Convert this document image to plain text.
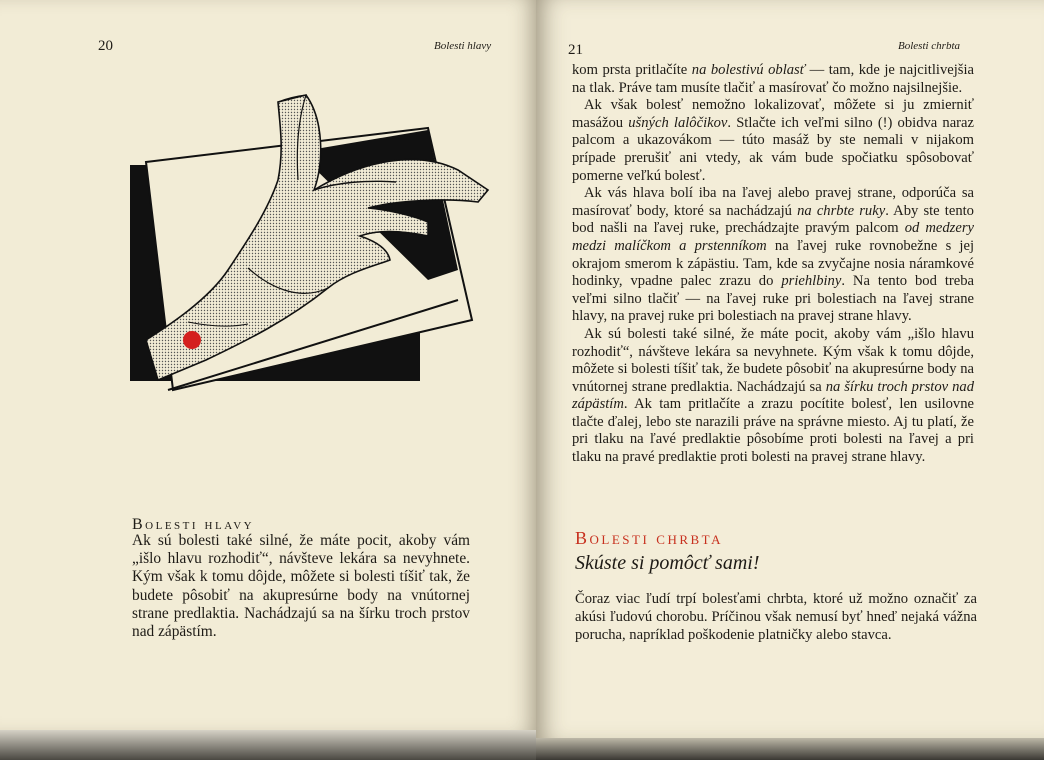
20	Bolesti hlavy
Bolesti hlavy
Ak sú bolesti také silné, že máte pocit, akoby vám „išlo hlavu rozhodiť“, návšteve lekára sa nevyhnete. Kým však k tomu dôjde, môžete si bolesti tíšiť tak, že budete pôsobiť na akupresúrne body na vnútornej strane predlaktia. Nachádzajú sa na šírku troch prstov nad zápästím.
21	Bolesti chrbta

kom prsta pritlačíte na bolestivú oblasť — tam, kde je najcitlivejšia na tlak. Práve tam musíte tlačiť a masírovať čo možno najsilnejšie.

Ak však bolesť nemožno lokalizovať, môžete si ju zmierniť masážou ušných lalôčikov. Stlačte ich veľmi silno (!) obidva naraz palcom a ukazovákom — túto masáž by ste nemali v nijakom prípade prerušiť ani vtedy, ak vám bude spočiatku spôsobovať pomerne veľkú bolesť.

Ak vás hlava bolí iba na ľavej alebo pravej strane, odporúča sa masírovať body, ktoré sa nachádzajú na chrbte ruky. Aby ste tento bod našli na ľavej ruke, prechádzajte pravým palcom od medzery medzi malíčkom a prstenníkom na ľavej ruke rovnobežne s jej okrajom smerom k zápästiu. Tam, kde sa zvyčajne nosia náramkové hodinky, vpadne palec zrazu do priehlbiny. Na tento bod treba veľmi silno tlačiť — na ľavej ruke pri bolestiach na ľavej strane hlavy, na pravej ruke pri bolestiach na pravej strane hlavy.

Ak sú bolesti také silné, že máte pocit, akoby vám „išlo hlavu rozhodiť“, návšteve lekára sa nevyhnete. Kým však k tomu dôjde, môžete si bolesti tíšiť tak, že budete pôsobiť na akupresúrne body na vnútornej strane predlaktia. Nachádzajú sa na šírku troch prstov nad zápästím. Ak tam pritlačíte a zrazu pocítite bolesť, len usilovne tlačte ďalej, lebo ste narazili práve na správne miesto. Aj tu platí, že pri tlaku na ľavé predlaktie pôsobíme proti bolesti na ľavej a pri tlaku na pravé predlaktie proti bolesti na pravej strane hlavy.

Bolesti chrbta
Skúste si pomôcť sami!
Čoraz viac ľudí trpí bolesťami chrbta, ktoré už možno označiť za akúsi ľudovú chorobu. Príčinou však nemusí byť hneď nejaká vážna porucha, napríklad poškodenie platničky alebo stavca.
